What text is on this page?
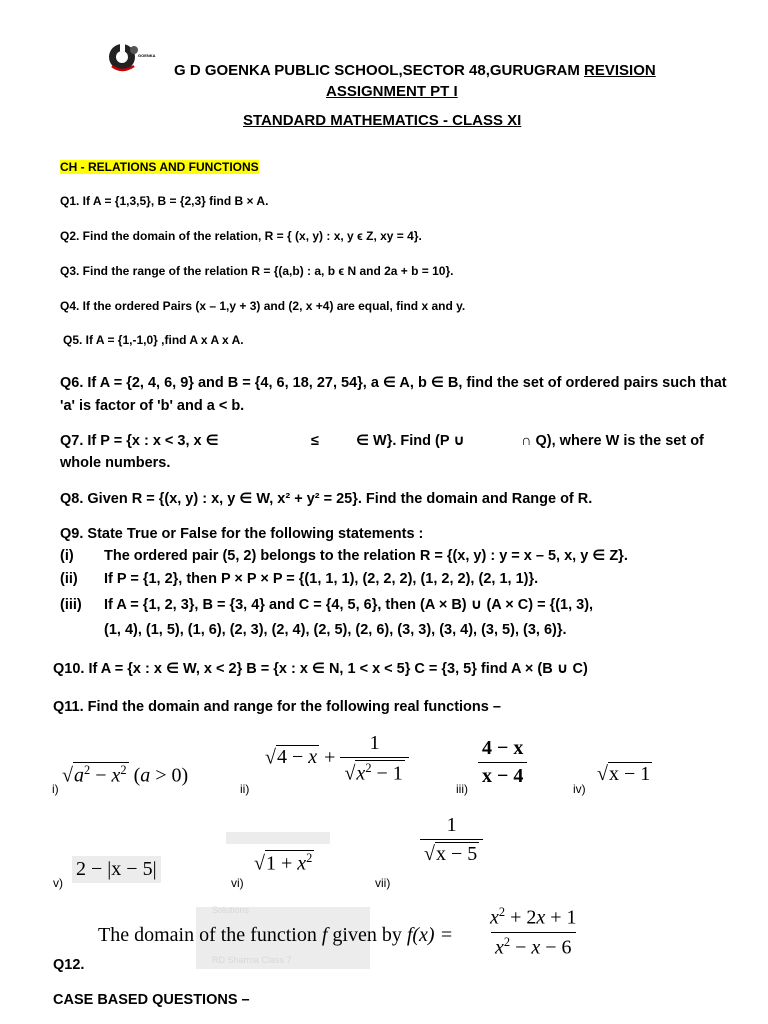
GOENKA
G D GOENKA PUBLIC SCHOOL,SECTOR 48,GURUGRAM REVISION
ASSIGNMENT PT I
STANDARD MATHEMATICS - CLASS XI
CH - RELATIONS AND FUNCTIONS
Q1. If A = {1,3,5}, B = {2,3} find B × A.
Q2. Find the domain of the relation, R = { (x, y) : x, y ϵ Z, xy = 4}.
Q3. Find the range of the relation R = {(a,b) : a, b ϵ N and 2a + b = 10}.
Q4. If the ordered Pairs (x – 1,y + 3) and (2, x +4) are equal, find x and y.
Q5. If A = {1,-1,0} ,find A x A x A.
Q6. If A = {2, 4, 6, 9} and B = {4, 6, 18, 27, 54}, a ∈ A, b ∈ B, find the set of ordered pairs such that
'a' is factor of 'b' and a < b.
Q7. If P = {x : x < 3, x ∈	≤	∈ W}. Find (P ∪	∩ Q), where W is the set of
whole numbers.
Q8. Given R = {(x, y) : x, y ∈ W, x² + y² = 25}. Find the domain and Range of R.
Q9. State True or False for the following statements :
(i) The ordered pair (5, 2) belongs to the relation R = {(x, y) : y = x – 5, x, y ∈ Z}.
(ii) If P = {1, 2}, then P × P × P = {(1, 1, 1), (2, 2, 2), (1, 2, 2), (2, 1, 1)}.
(iii) If A = {1, 2, 3}, B = {3, 4} and C = {4, 5, 6}, then (A × B) ∪ (A × C) = {(1, 3),
(1, 4), (1, 5), (1, 6), (2, 3), (2, 4), (2, 5), (2, 6), (3, 3), (3, 4), (3, 5), (3, 6)}.
Q10. If A = {x : x ∈ W, x < 2} B = {x : x ∈ N, 1 < x < 5} C = {3, 5} find A × (B ∪ C)
Q11. Find the domain and range for the following real functions –
i)
$√a^2 - x^2$ (a > 0)
ii)
$√4 - x + \frac{1}{√x^2 - 1}$
iii)
$\frac{4 - x}{x - 4}$
iv)
√x − 1
v)
2 − |x − 5|
vi)
$√1 + x^2$
vii)
$\frac{1}{√x - 5}$
Solutions
RD Sharma Class 7
The domain of the function f given by $f(x) = \frac{x^2 + 2x + 1}{x^2 - x - 6}$
Q12.
CASE BASED QUESTIONS –
